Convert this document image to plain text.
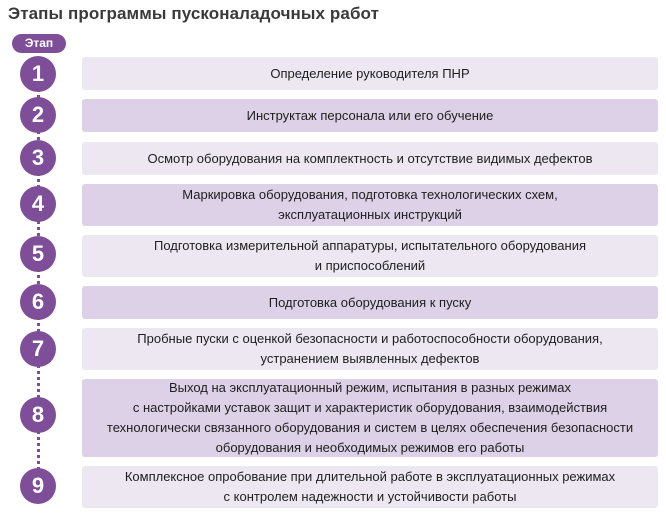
Этапы программы пусконаладочных работ
Этап
1	Определение руководителя ПНР
2	Инструктаж персонала или его обучение
3	Осмотр оборудования на комплектность и отсутствие видимых дефектов
4	Маркировка оборудования, подготовка технологических схем,
эксплуатационных инструкций
5	Подготовка измерительной аппаратуры, испытательного оборудования
и приспособлений
6	Подготовка оборудования к пуску
7	Пробные пуски с оценкой безопасности и работоспособности оборудования,
устранением выявленных дефектов
8
Выход на эксплуатационный режим, испытания в разных режимах
с настройками уставок защит и характеристик оборудования, взаимодействия
технологически связанного оборудования и систем в целях обеспечения безопасности
оборудования и необходимых режимов его работы
9	Комплексное опробование при длительной работе в эксплуатационных режимах
с контролем надежности и устойчивости работы
